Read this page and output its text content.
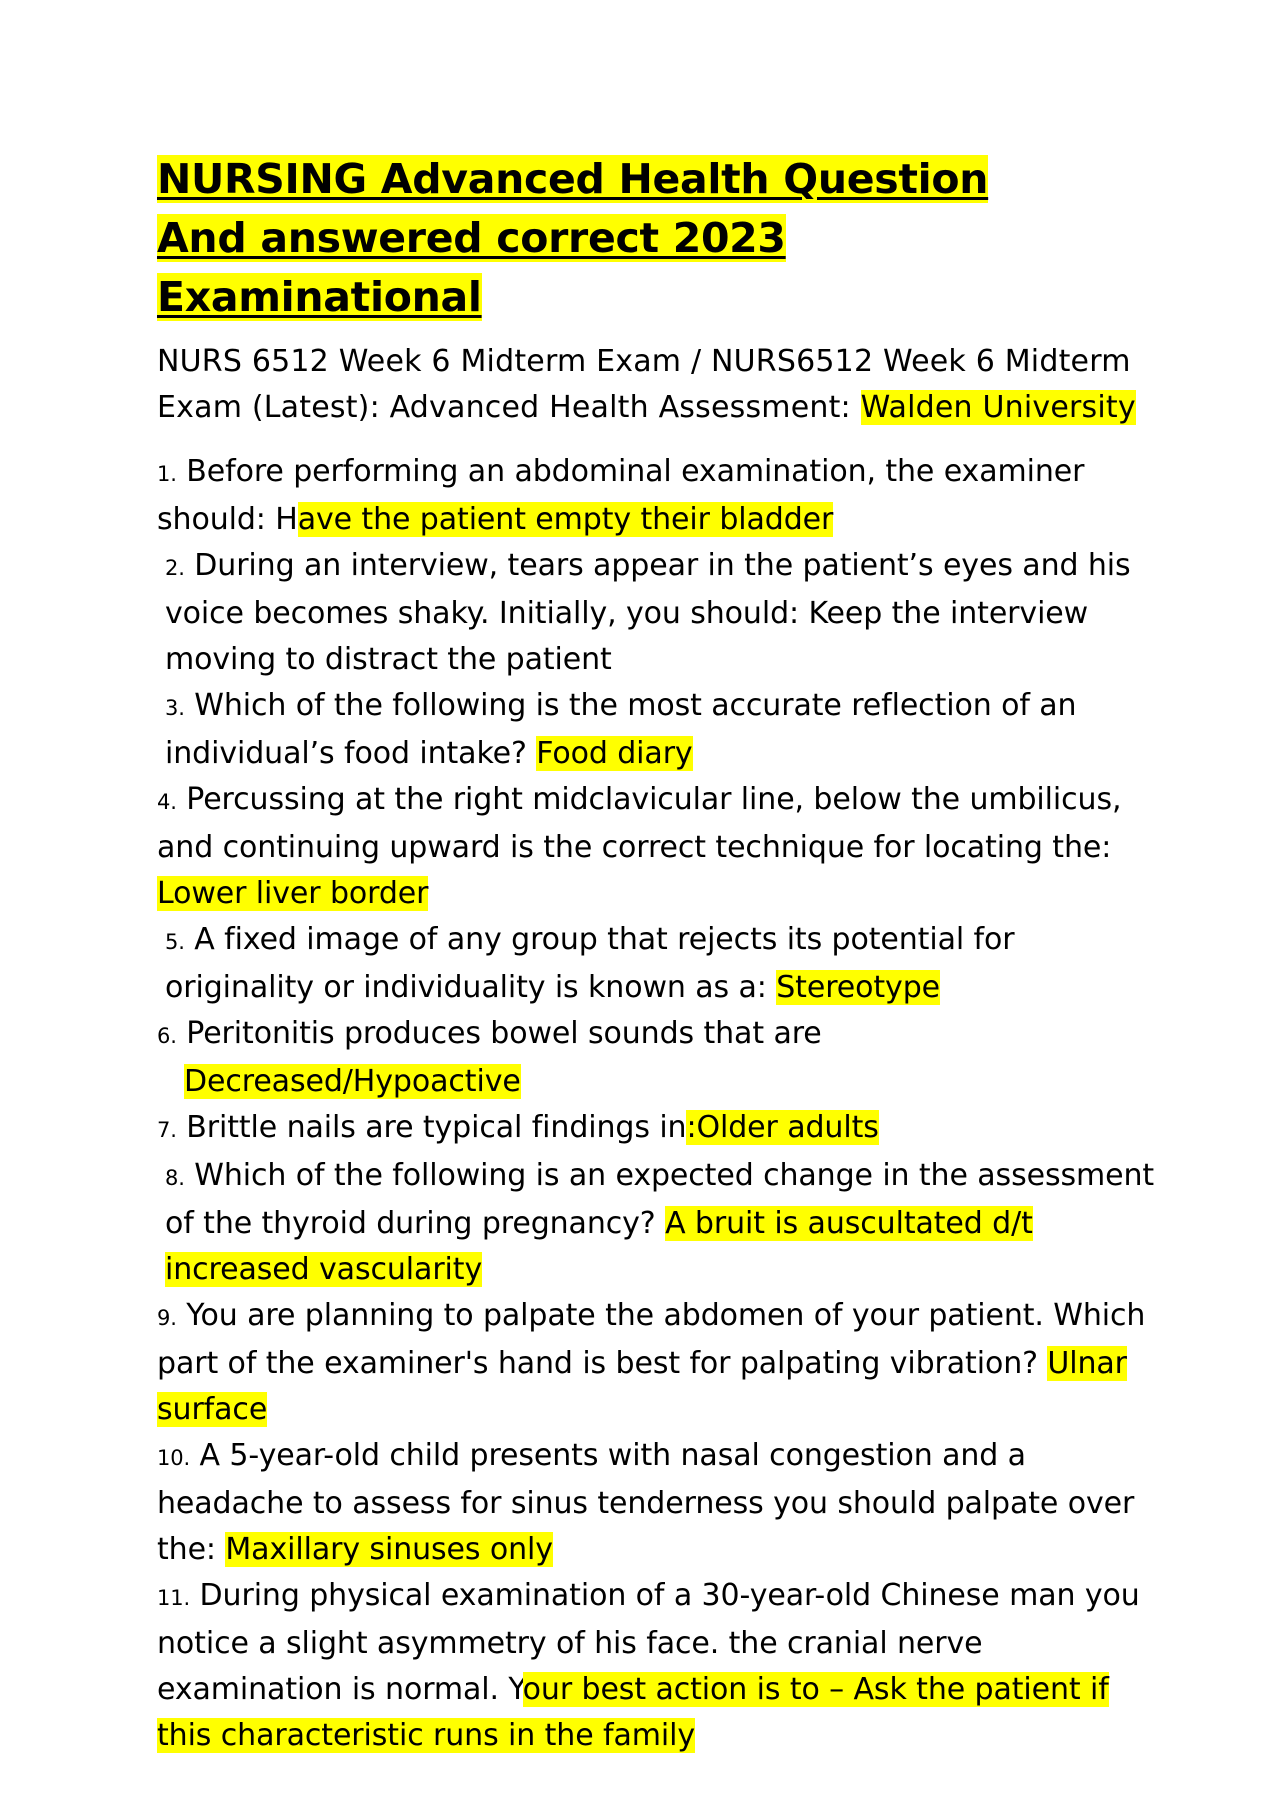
NURSING Advanced Health Question
And answered correct 2023
Examinational

NURS 6512 Week 6 Midterm Exam / NURS6512 Week 6 Midterm Exam (Latest): Advanced Health Assessment: Walden University

1. Before performing an abdominal examination, the examiner should: Have the patient empty their bladder

2. During an interview, tears appear in the patient’s eyes and his voice becomes shaky. Initially, you should: Keep the interview moving to distract the patient

3. Which of the following is the most accurate reflection of an individual’s food intake? Food diary

4. Percussing at the right midclavicular line, below the umbilicus, and continuing upward is the correct technique for locating the: Lower liver border

5. A fixed image of any group that rejects its potential for originality or individuality is known as a: Stereotype

6. Peritonitis produces bowel sounds that are
Decreased/Hypoactive

7. Brittle nails are typical findings in:Older adults

8. Which of the following is an expected change in the assessment of the thyroid during pregnancy? A bruit is auscultated d/t increased vascularity

9. You are planning to palpate the abdomen of your patient. Which part of the examiner's hand is best for palpating vibration? Ulnar surface

10. A 5-year-old child presents with nasal congestion and a headache to assess for sinus tenderness you should palpate over the: Maxillary sinuses only

11. During physical examination of a 30-year-old Chinese man you notice a slight asymmetry of his face. the cranial nerve examination is normal. Your best action is to – Ask the patient if this characteristic runs in the family
